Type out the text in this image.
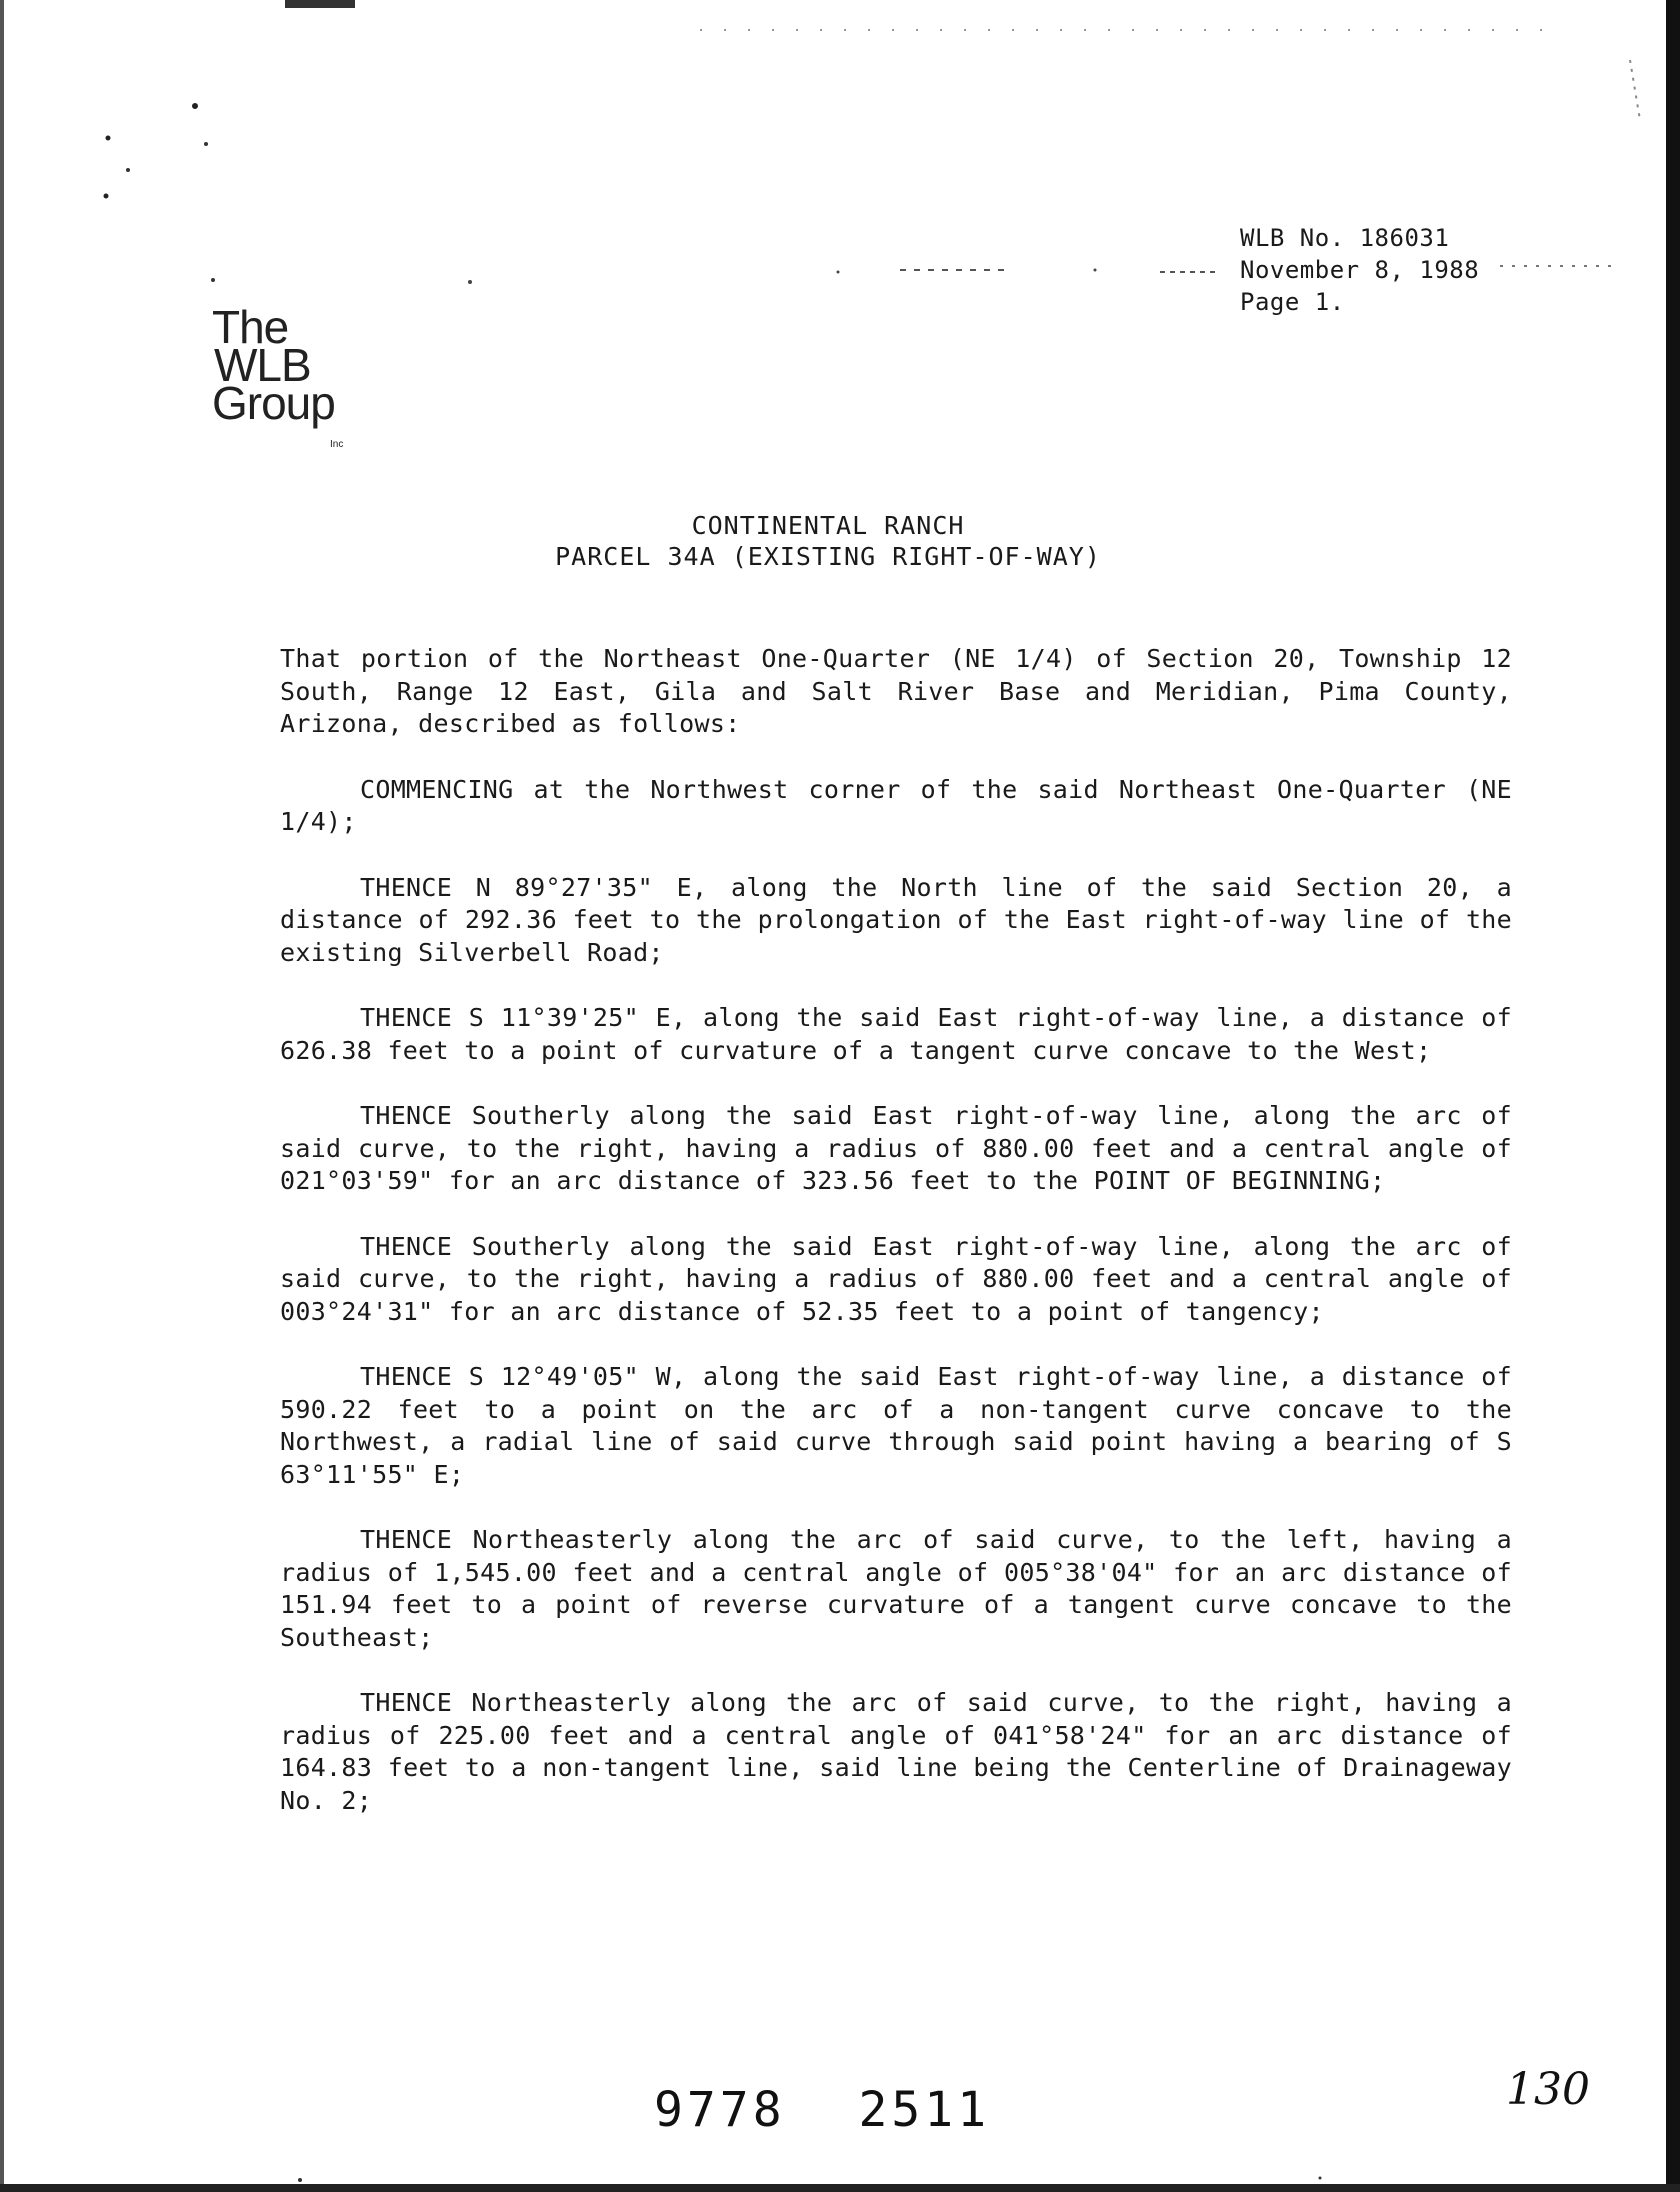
WLB No. 186031
November 8, 1988
Page 1.
The
WLB
Group
Inc
CONTINENTAL RANCH
PARCEL 34A (EXISTING RIGHT-OF-WAY)

That portion of the Northeast One-Quarter (NE 1/4) of Section 20, Township 12 South, Range 12 East, Gila and Salt River Base and Meridian, Pima County, Arizona, described as follows:

COMMENCING at the Northwest corner of the said Northeast One-Quarter (NE 1/4);

THENCE N 89°27'35" E, along the North line of the said Section 20, a distance of 292.36 feet to the prolongation of the East right-of-way line of the existing Silverbell Road;

THENCE S 11°39'25" E, along the said East right-of-way line, a distance of 626.38 feet to a point of curvature of a tangent curve concave to the West;

THENCE Southerly along the said East right-of-way line, along the arc of said curve, to the right, having a radius of 880.00 feet and a central angle of 021°03'59" for an arc distance of 323.56 feet to the POINT OF BEGINNING;

THENCE Southerly along the said East right-of-way line, along the arc of said curve, to the right, having a radius of 880.00 feet and a central angle of 003°24'31" for an arc distance of 52.35 feet to a point of tangency;

THENCE S 12°49'05" W, along the said East right-of-way line, a distance of 590.22 feet to a point on the arc of a non-tangent curve concave to the Northwest, a radial line of said curve through said point having a bearing of S 63°11'55" E;

THENCE Northeasterly along the arc of said curve, to the left, having a radius of 1,545.00 feet and a central angle of 005°38'04" for an arc distance of 151.94 feet to a point of reverse curvature of a tangent curve concave to the Southeast;

THENCE Northeasterly along the arc of said curve, to the right, having a radius of 225.00 feet and a central angle of 041°58'24" for an arc distance of 164.83 feet to a non-tangent line, said line being the Centerline of Drainageway No. 2;

9778 2511	130
